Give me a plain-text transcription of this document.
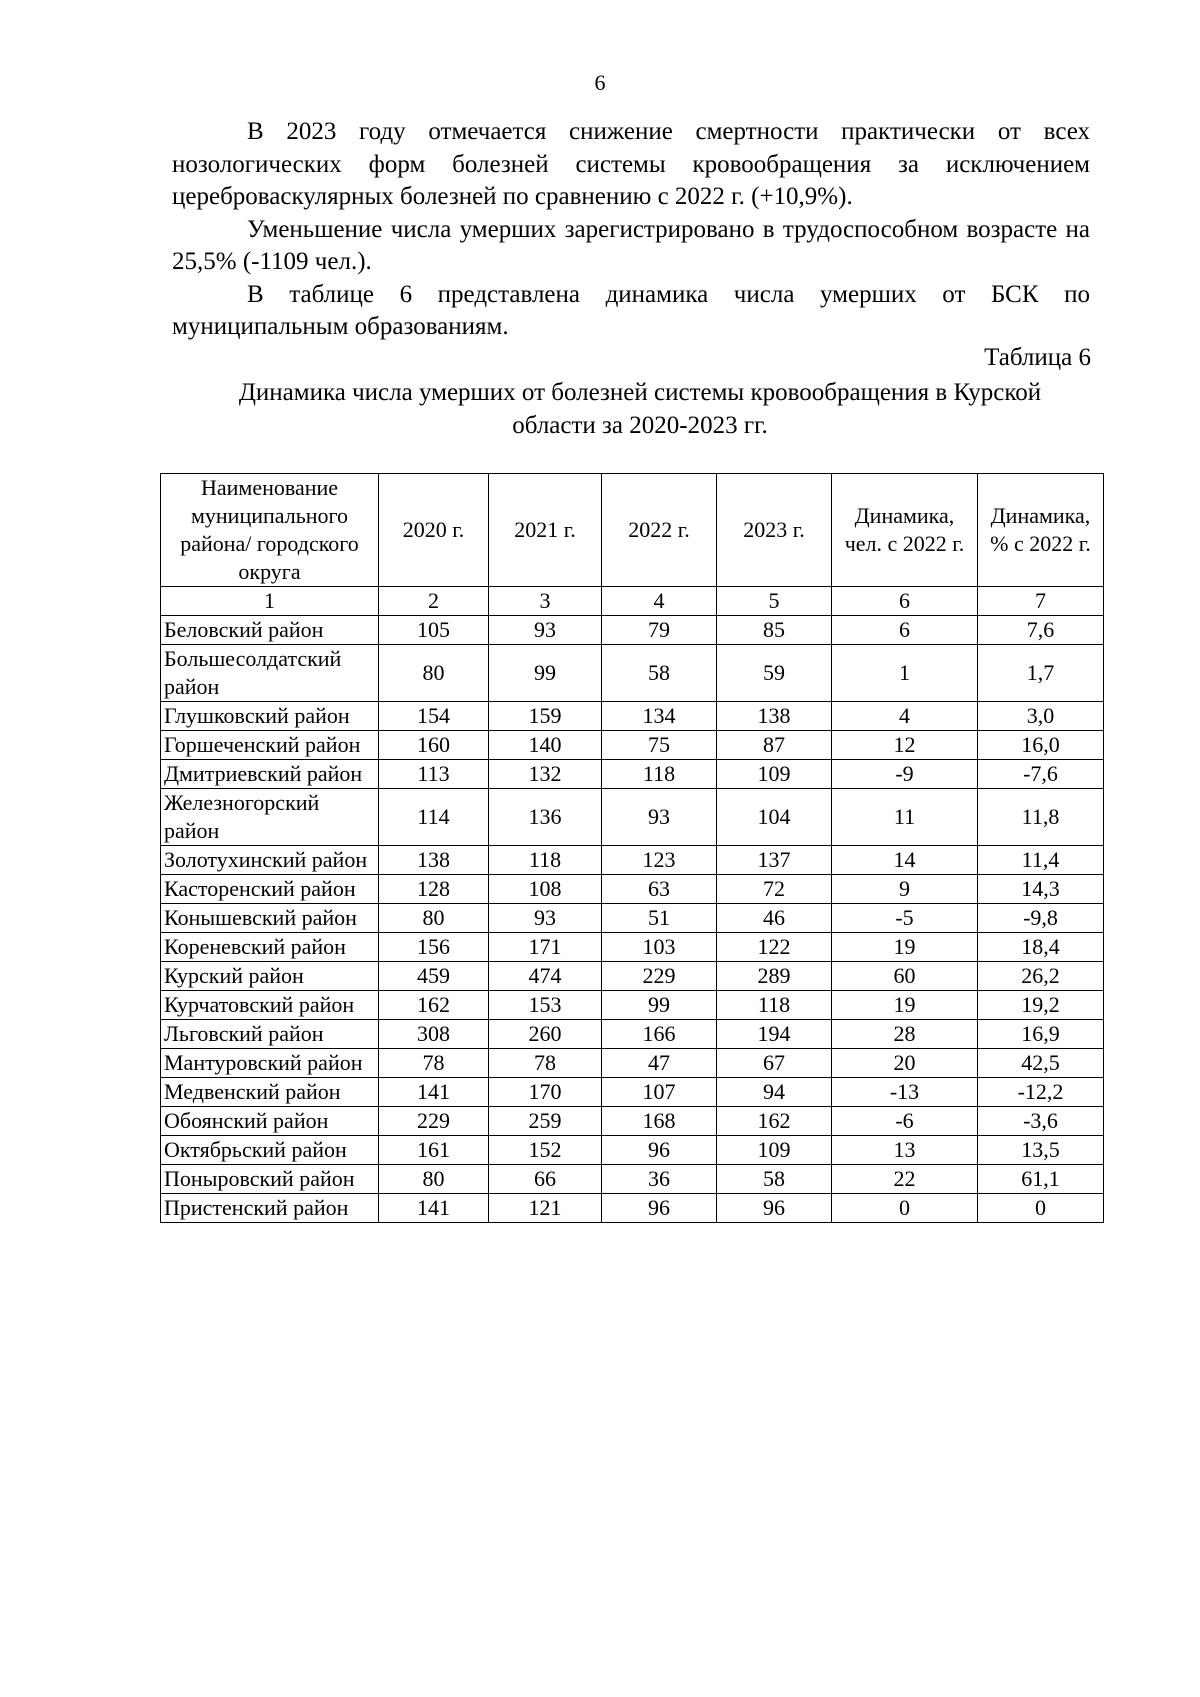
6

В 2023 году отмечается снижение смертности практически от всех нозологических форм болезней системы кровообращения за исключением цереброваскулярных болезней по сравнению с 2022 г. (+10,9%).

Уменьшение числа умерших зарегистрировано в трудоспособном возрасте на 25,5% (-1109 чел.).

В таблице 6 представлена динамика числа умерших от БСК по муниципальным образованиям.

Таблица 6
Динамика числа умерших от болезней системы кровообращения в Курской области за 2020-2023 гг.
Наименование муниципального района/ городского округа	2020 г.	2021 г.	2022 г.	2023 г.	Динамика, чел. с 2022 г.	Динамика, % с 2022 г.
1	2	3	4	5	6	7
Беловский район	105	93	79	85	6	7,6
Большесолдатский район	80	99	58	59	1	1,7
Глушковский район	154	159	134	138	4	3,0
Горшеченский район	160	140	75	87	12	16,0
Дмитриевский район	113	132	118	109	-9	-7,6
Железногорский район	114	136	93	104	11	11,8
Золотухинский район	138	118	123	137	14	11,4
Касторенский район	128	108	63	72	9	14,3
Конышевский район	80	93	51	46	-5	-9,8
Кореневский район	156	171	103	122	19	18,4
Курский район	459	474	229	289	60	26,2
Курчатовский район	162	153	99	118	19	19,2
Льговский район	308	260	166	194	28	16,9
Мантуровский район	78	78	47	67	20	42,5
Медвенский район	141	170	107	94	-13	-12,2
Обоянский район	229	259	168	162	-6	-3,6
Октябрьский район	161	152	96	109	13	13,5
Поныровский район	80	66	36	58	22	61,1
Пристенский район	141	121	96	96	0	0
